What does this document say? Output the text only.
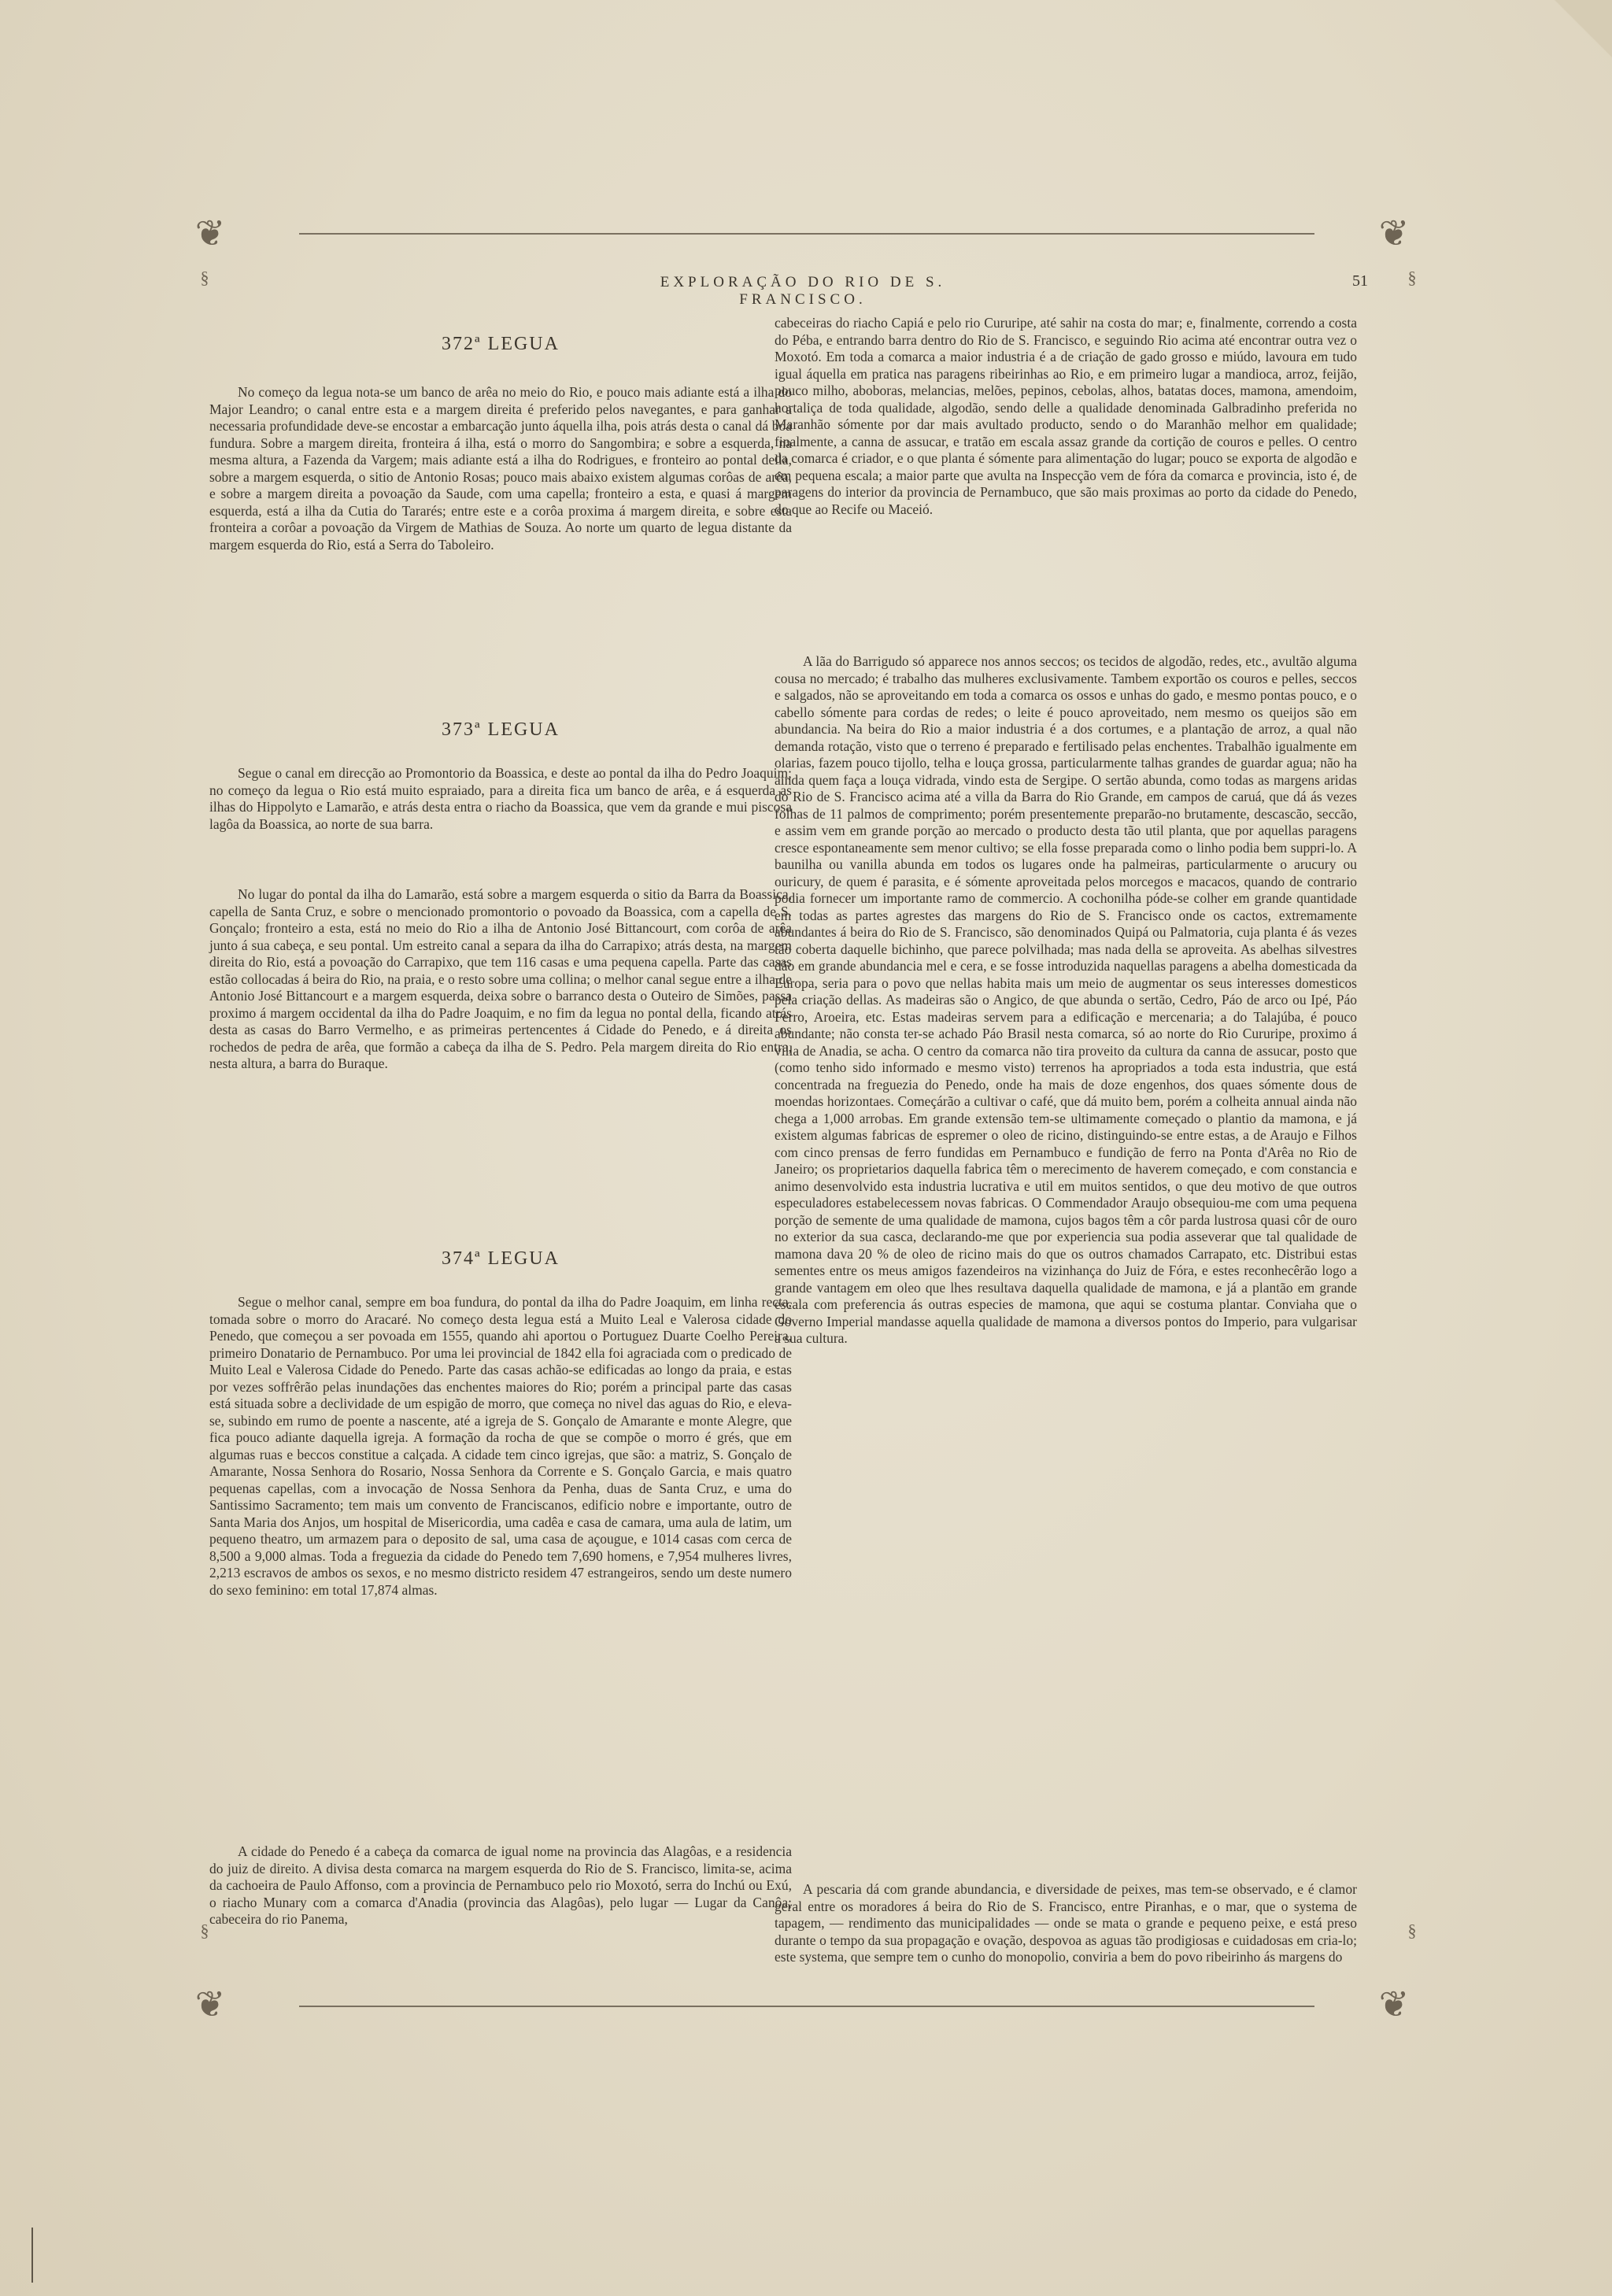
❦	❦
❦	❦
§	§
§	§
EXPLORAÇÃO DO RIO DE S. FRANCISCO.
51
372ª LEGUA
No começo da legua nota-se um banco de arêa no meio do Rio, e pouco mais adiante está a ilha do Major Leandro; o canal entre esta e a margem direita é preferido pelos navegantes, e para ganhar a necessaria profundidade deve-se encostar a embarcação junto áquella ilha, pois atrás desta o canal dá boa fundura. Sobre a margem direita, fronteira á ilha, está o morro do Sangombira; e sobre a esquerda, na mesma altura, a Fazenda da Vargem; mais adiante está a ilha do Rodrigues, e fronteiro ao pontal della, sobre a margem esquerda, o sitio de Antonio Rosas; pouco mais abaixo existem algumas corôas de arêa, e sobre a margem direita a povoação da Saude, com uma capella; fronteiro a esta, e quasi á margem esquerda, está a ilha da Cutia do Tararés; entre este e a corôa proxima á margem direita, e sobre esta fronteira a corôar a povoação da Virgem de Mathias de Souza. Ao norte um quarto de legua distante da margem esquerda do Rio, está a Serra do Taboleiro.
373ª LEGUA
Segue o canal em direcção ao Promontorio da Boassica, e deste ao pontal da ilha do Pedro Joaquim; no começo da legua o Rio está muito espraiado, para a direita fica um banco de arêa, e á esquerda as ilhas do Hippolyto e Lamarão, e atrás desta entra o riacho da Boassica, que vem da grande e mui piscosa lagôa da Boassica, ao norte de sua barra.
No lugar do pontal da ilha do Lamarão, está sobre a margem esquerda o sitio da Barra da Boassica, capella de Santa Cruz, e sobre o mencionado promontorio o povoado da Boassica, com a capella de S. Gonçalo; fronteiro a esta, está no meio do Rio a ilha de Antonio José Bittancourt, com corôa de arêa junto á sua cabeça, e seu pontal. Um estreito canal a separa da ilha do Carrapixo; atrás desta, na margem direita do Rio, está a povoação do Carrapixo, que tem 116 casas e uma pequena capella. Parte das casas estão collocadas á beira do Rio, na praia, e o resto sobre uma collina; o melhor canal segue entre a ilha de Antonio José Bittancourt e a margem esquerda, deixa sobre o barranco desta o Outeiro de Simões, passa proximo á margem occidental da ilha do Padre Joaquim, e no fim da legua no pontal della, ficando atrás desta as casas do Barro Vermelho, e as primeiras pertencentes á Cidade do Penedo, e á direita os rochedos de pedra de arêa, que formão a cabeça da ilha de S. Pedro. Pela margem direita do Rio entra, nesta altura, a barra do Buraque.
374ª LEGUA
Segue o melhor canal, sempre em boa fundura, do pontal da ilha do Padre Joaquim, em linha recta, tomada sobre o morro do Aracaré. No começo desta legua está a Muito Leal e Valerosa cidade do Penedo, que começou a ser povoada em 1555, quando ahi aportou o Portuguez Duarte Coelho Pereira, primeiro Donatario de Pernambuco. Por uma lei provincial de 1842 ella foi agraciada com o predicado de Muito Leal e Valerosa Cidade do Penedo. Parte das casas achão-se edificadas ao longo da praia, e estas por vezes soffrêrão pelas inundações das enchentes maiores do Rio; porém a principal parte das casas está situada sobre a declividade de um espigão de morro, que começa no nivel das aguas do Rio, e eleva-se, subindo em rumo de poente a nascente, até a igreja de S. Gonçalo de Amarante e monte Alegre, que fica pouco adiante daquella igreja. A formação da rocha de que se compõe o morro é grés, que em algumas ruas e beccos constitue a calçada. A cidade tem cinco igrejas, que são: a matriz, S. Gonçalo de Amarante, Nossa Senhora do Rosario, Nossa Senhora da Corrente e S. Gonçalo Garcia, e mais quatro pequenas capellas, com a invocação de Nossa Senhora da Penha, duas de Santa Cruz, e uma do Santissimo Sacramento; tem mais um convento de Franciscanos, edificio nobre e importante, outro de Santa Maria dos Anjos, um hospital de Misericordia, uma cadêa e casa de camara, uma aula de latim, um pequeno theatro, um armazem para o deposito de sal, uma casa de açougue, e 1014 casas com cerca de 8,500 a 9,000 almas. Toda a freguezia da cidade do Penedo tem 7,690 homens, e 7,954 mulheres livres, 2,213 escravos de ambos os sexos, e no mesmo districto residem 47 estrangeiros, sendo um deste numero do sexo feminino: em total 17,874 almas.
A cidade do Penedo é a cabeça da comarca de igual nome na provincia das Alagôas, e a residencia do juiz de direito. A divisa desta comarca na margem esquerda do Rio de S. Francisco, limita-se, acima da cachoeira de Paulo Affonso, com a provincia de Pernambuco pelo rio Moxotó, serra do Inchú ou Exú, o riacho Munary com a comarca d'Anadia (provincia das Alagôas), pelo lugar — Lugar da Canôa; cabeceira do rio Panema,
cabeceiras do riacho Capiá e pelo rio Cururipe, até sahir na costa do mar; e, finalmente, correndo a costa do Péba, e entrando barra dentro do Rio de S. Francisco, e seguindo Rio acima até encontrar outra vez o Moxotó. Em toda a comarca a maior industria é a de criação de gado grosso e miúdo, lavoura em tudo igual áquella em pratica nas paragens ribeirinhas ao Rio, e em primeiro lugar a mandioca, arroz, feijão, pouco milho, aboboras, melancias, melões, pepinos, cebolas, alhos, batatas doces, mamona, amendoim, hortaliça de toda qualidade, algodão, sendo delle a qualidade denominada Galbradinho preferida no Maranhão sómente por dar mais avultado producto, sendo o do Maranhão melhor em qualidade; finalmente, a canna de assucar, e tratão em escala assaz grande da cortição de couros e pelles. O centro da comarca é criador, e o que planta é sómente para alimentação do lugar; pouco se exporta de algodão e em pequena escala; a maior parte que avulta na Inspecção vem de fóra da comarca e provincia, isto é, de paragens do interior da provincia de Pernambuco, que são mais proximas ao porto da cidade do Penedo, do que ao Recife ou Maceió.
A lãa do Barrigudo só apparece nos annos seccos; os tecidos de algodão, redes, etc., avultão alguma cousa no mercado; é trabalho das mulheres exclusivamente. Tambem exportão os couros e pelles, seccos e salgados, não se aproveitando em toda a comarca os ossos e unhas do gado, e mesmo pontas pouco, e o cabello sómente para cordas de redes; o leite é pouco aproveitado, nem mesmo os queijos são em abundancia. Na beira do Rio a maior industria é a dos cortumes, e a plantação de arroz, a qual não demanda rotação, visto que o terreno é preparado e fertilisado pelas enchentes. Trabalhão igualmente em olarias, fazem pouco tijollo, telha e louça grossa, particularmente talhas grandes de guardar agua; não ha ainda quem faça a louça vidrada, vindo esta de Sergipe. O sertão abunda, como todas as margens aridas do Rio de S. Francisco acima até a villa da Barra do Rio Grande, em campos de caruá, que dá ás vezes folhas de 11 palmos de comprimento; porém presentemente preparão-no brutamente, descascão, seccão, e assim vem em grande porção ao mercado o producto desta tão util planta, que por aquellas paragens cresce espontaneamente sem menor cultivo; se ella fosse preparada como o linho podia bem suppri-lo. A baunilha ou vanilla abunda em todos os lugares onde ha palmeiras, particularmente o arucury ou ouricury, de quem é parasita, e é sómente aproveitada pelos morcegos e macacos, quando de contrario podia fornecer um importante ramo de commercio. A cochonilha póde-se colher em grande quantidade em todas as partes agrestes das margens do Rio de S. Francisco onde os cactos, extremamente abundantes á beira do Rio de S. Francisco, são denominados Quipá ou Palmatoria, cuja planta é ás vezes tão coberta daquelle bichinho, que parece polvilhada; mas nada della se aproveita. As abelhas silvestres dão em grande abundancia mel e cera, e se fosse introduzida naquellas paragens a abelha domesticada da Europa, seria para o povo que nellas habita mais um meio de augmentar os seus interesses domesticos pela criação dellas. As madeiras são o Angico, de que abunda o sertão, Cedro, Páo de arco ou Ipé, Páo Ferro, Aroeira, etc. Estas madeiras servem para a edificação e mercenaria; a do Talajúba, é pouco abundante; não consta ter-se achado Páo Brasil nesta comarca, só ao norte do Rio Cururipe, proximo á villa de Anadia, se acha. O centro da comarca não tira proveito da cultura da canna de assucar, posto que (como tenho sido informado e mesmo visto) terrenos ha apropriados a toda esta industria, que está concentrada na freguezia do Penedo, onde ha mais de doze engenhos, dos quaes sómente dous de moendas horizontaes. Começárão a cultivar o café, que dá muito bem, porém a colheita annual ainda não chega a 1,000 arrobas. Em grande extensão tem-se ultimamente começado o plantio da mamona, e já existem algumas fabricas de espremer o oleo de ricino, distinguindo-se entre estas, a de Araujo e Filhos com cinco prensas de ferro fundidas em Pernambuco e fundição de ferro na Ponta d'Arêa no Rio de Janeiro; os proprietarios daquella fabrica têm o merecimento de haverem começado, e com constancia e animo desenvolvido esta industria lucrativa e util em muitos sentidos, o que deu motivo de que outros especuladores estabelecessem novas fabricas. O Commendador Araujo obsequiou-me com uma pequena porção de semente de uma qualidade de mamona, cujos bagos têm a côr parda lustrosa quasi côr de ouro no exterior da sua casca, declarando-me que por experiencia sua podia asseverar que tal qualidade de mamona dava 20 % de oleo de ricino mais do que os outros chamados Carrapato, etc. Distribui estas sementes entre os meus amigos fazendeiros na vizinhança do Juiz de Fóra, e estes reconhecêrão logo a grande vantagem em oleo que lhes resultava daquella qualidade de mamona, e já a plantão em grande escala com preferencia ás outras especies de mamona, que aqui se costuma plantar. Conviaha que o Governo Imperial mandasse aquella qualidade de mamona a diversos pontos do Imperio, para vulgarisar a sua cultura.
A pescaria dá com grande abundancia, e diversidade de peixes, mas tem-se observado, e é clamor geral entre os moradores á beira do Rio de S. Francisco, entre Piranhas, e o mar, que o systema de tapagem, — rendimento das municipalidades — onde se mata o grande e pequeno peixe, e está preso durante o tempo da sua propagação e ovação, despovoa as aguas tão prodigiosas e cuidadosas em cria-lo; este systema, que sempre tem o cunho do monopolio, conviria a bem do povo ribeirinho ás margens do
